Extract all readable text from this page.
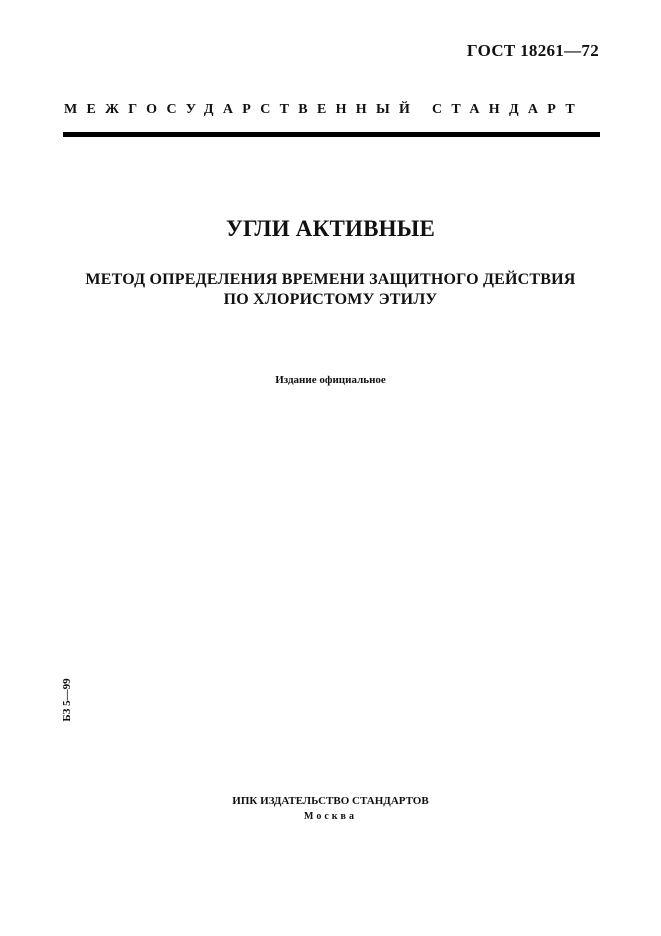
ГОСТ 18261—72
МЕЖГОСУДАРСТВЕННЫЙ СТАНДАРТ
УГЛИ АКТИВНЫЕ
МЕТОД ОПРЕДЕЛЕНИЯ ВРЕМЕНИ ЗАЩИТНОГО ДЕЙСТВИЯ
ПО ХЛОРИСТОМУ ЭТИЛУ
Издание официальное
БЗ 5—99
ИПК ИЗДАТЕЛЬСТВО СТАНДАРТОВ
Москва
